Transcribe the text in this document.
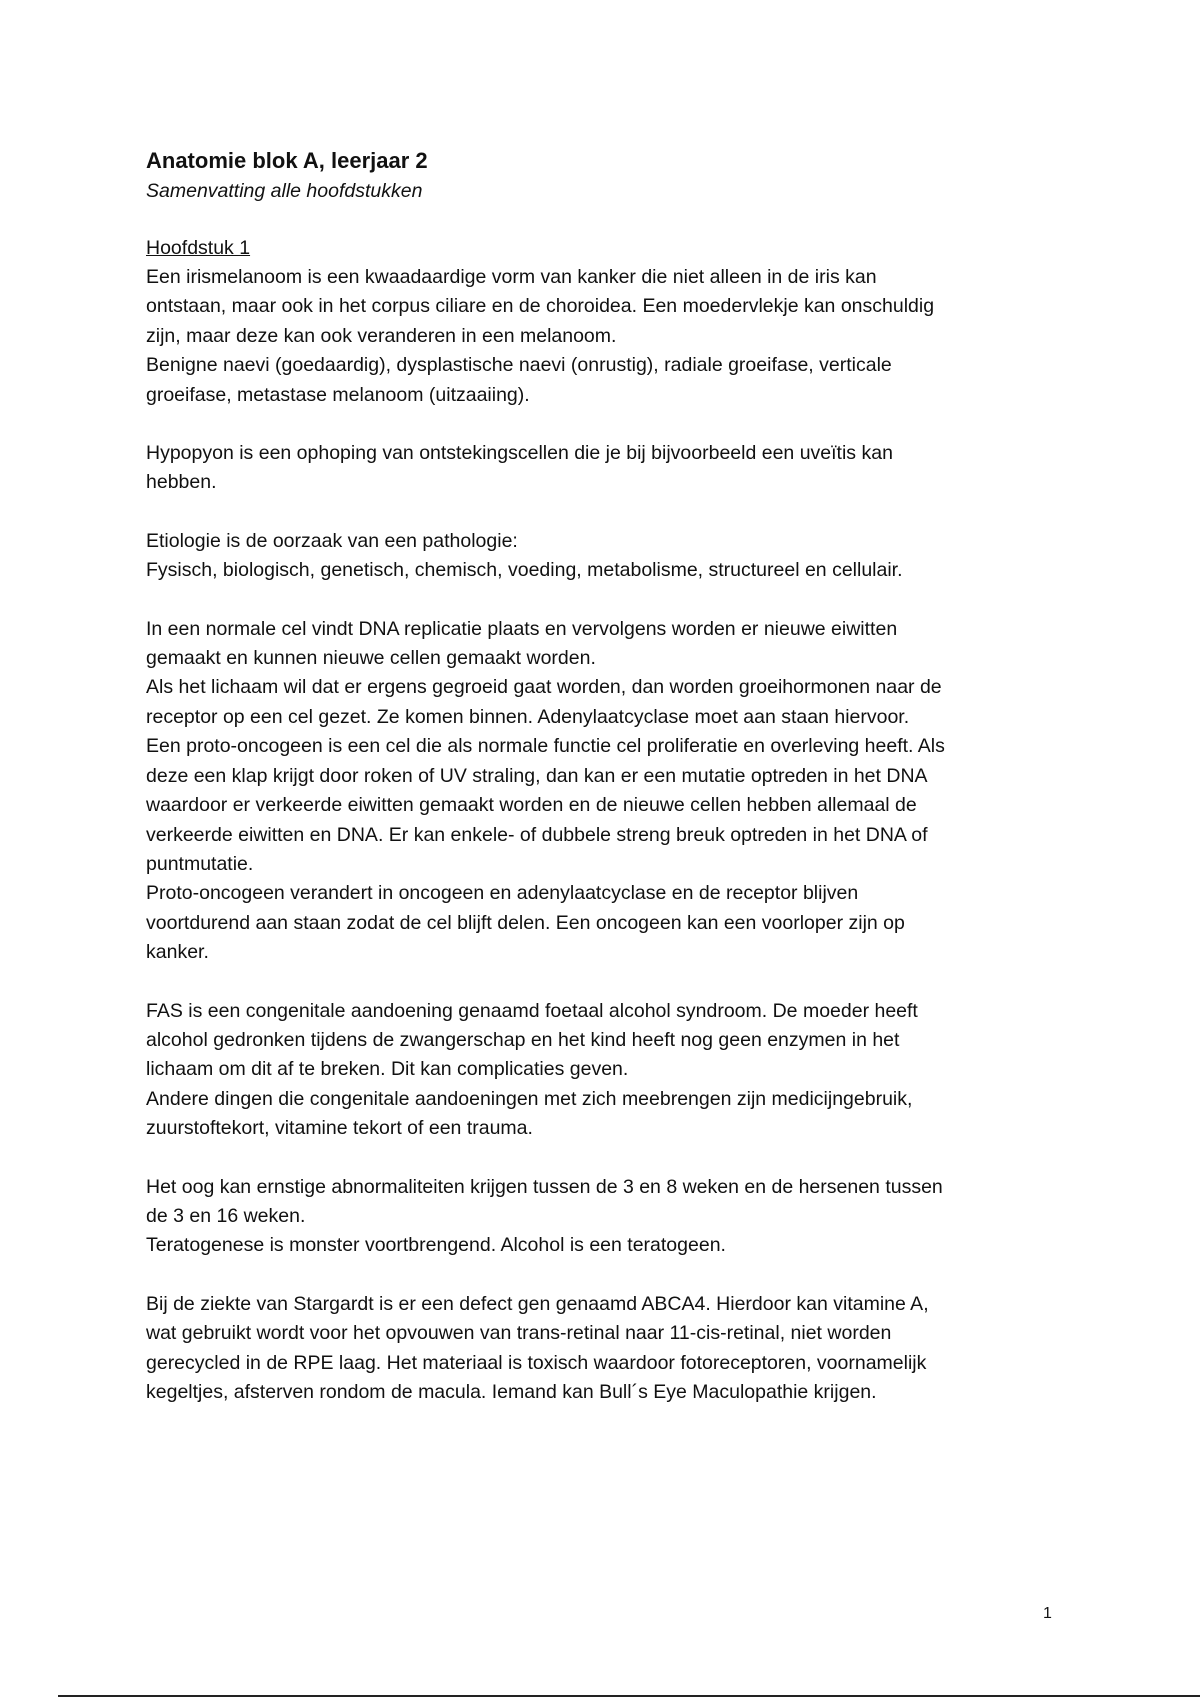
Anatomie blok A, leerjaar 2

Samenvatting alle hoofdstukken

Hoofdstuk 1

Een irismelanoom is een kwaadaardige vorm van kanker die niet alleen in de iris kan
ontstaan, maar ook in het corpus ciliare en de choroidea. Een moedervlekje kan onschuldig
zijn, maar deze kan ook veranderen in een melanoom.
Benigne naevi (goedaardig), dysplastische naevi (onrustig), radiale groeifase, verticale
groeifase, metastase melanoom (uitzaaiing).
Hypopyon is een ophoping van ontstekingscellen die je bij bijvoorbeeld een uveïtis kan
hebben.
Etiologie is de oorzaak van een pathologie:
Fysisch, biologisch, genetisch, chemisch, voeding, metabolisme, structureel en cellulair.
In een normale cel vindt DNA replicatie plaats en vervolgens worden er nieuwe eiwitten
gemaakt en kunnen nieuwe cellen gemaakt worden.
Als het lichaam wil dat er ergens gegroeid gaat worden, dan worden groeihormonen naar de
receptor op een cel gezet. Ze komen binnen. Adenylaatcyclase moet aan staan hiervoor.
Een proto-oncogeen is een cel die als normale functie cel proliferatie en overleving heeft. Als
deze een klap krijgt door roken of UV straling, dan kan er een mutatie optreden in het DNA
waardoor er verkeerde eiwitten gemaakt worden en de nieuwe cellen hebben allemaal de
verkeerde eiwitten en DNA. Er kan enkele- of dubbele streng breuk optreden in het DNA of
puntmutatie.
Proto-oncogeen verandert in oncogeen en adenylaatcyclase en de receptor blijven
voortdurend aan staan zodat de cel blijft delen. Een oncogeen kan een voorloper zijn op
kanker.
FAS is een congenitale aandoening genaamd foetaal alcohol syndroom. De moeder heeft
alcohol gedronken tijdens de zwangerschap en het kind heeft nog geen enzymen in het
lichaam om dit af te breken. Dit kan complicaties geven.
Andere dingen die congenitale aandoeningen met zich meebrengen zijn medicijngebruik,
zuurstoftekort, vitamine tekort of een trauma.
Het oog kan ernstige abnormaliteiten krijgen tussen de 3 en 8 weken en de hersenen tussen
de 3 en 16 weken.
Teratogenese is monster voortbrengend. Alcohol is een teratogeen.
Bij de ziekte van Stargardt is er een defect gen genaamd ABCA4. Hierdoor kan vitamine A,
wat gebruikt wordt voor het opvouwen van trans-retinal naar 11-cis-retinal, niet worden
gerecycled in de RPE laag. Het materiaal is toxisch waardoor fotoreceptoren, voornamelijk
kegeltjes, afsterven rondom de macula. Iemand kan Bull´s Eye Maculopathie krijgen.
1
